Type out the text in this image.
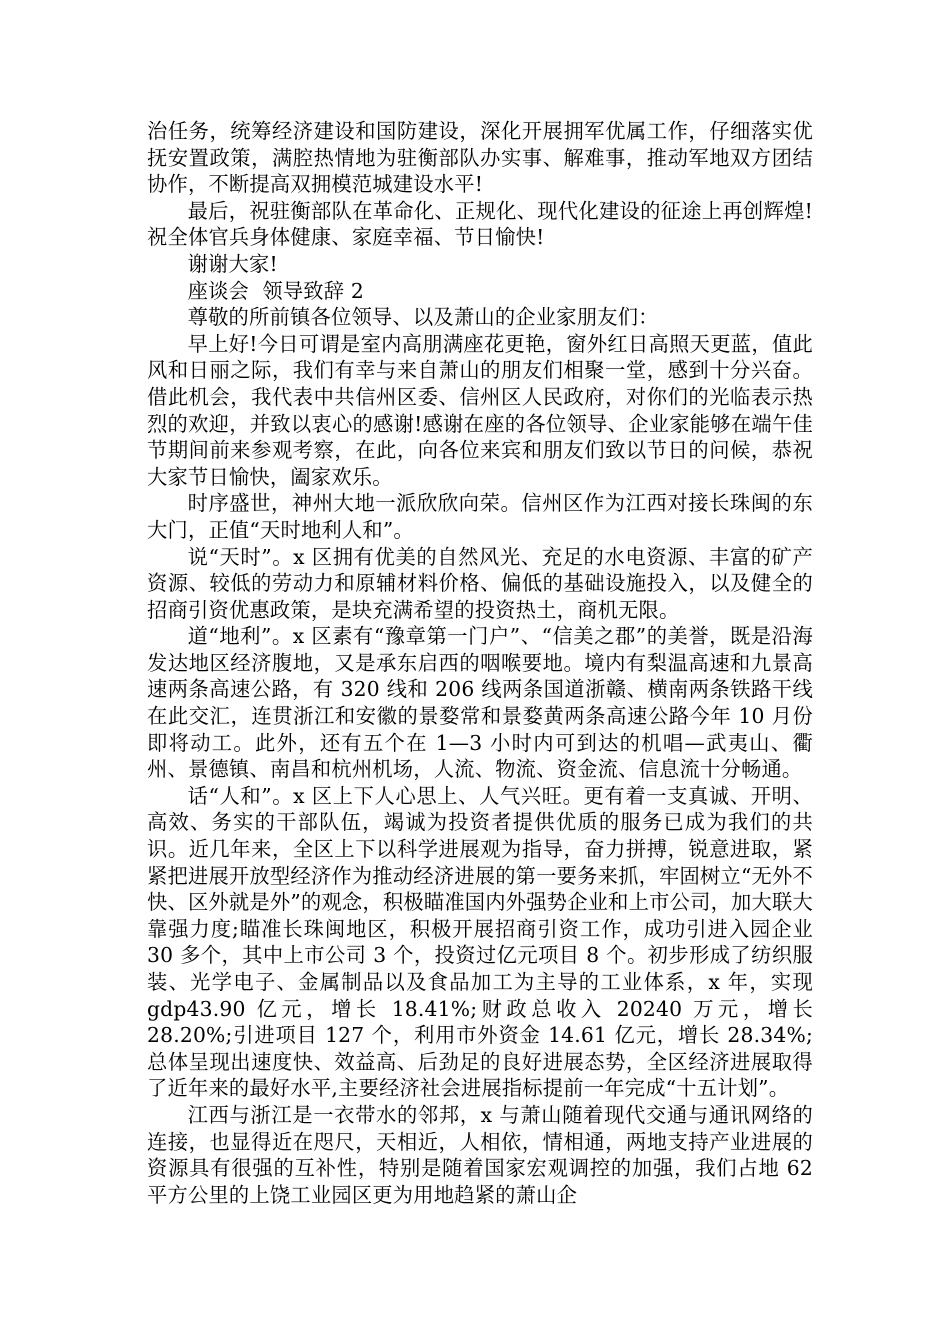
治任务，统筹经济建设和国防建设，深化开展拥军优属工作，仔细落实优抚安置政策，满腔热情地为驻衡部队办实事、解难事，推动军地双方团结协作，不断提高双拥模范城建设水平!

最后，祝驻衡部队在革命化、正规化、现代化建设的征途上再创辉煌!祝全体官兵身体健康、家庭幸福、节日愉快!

谢谢大家!

座谈会  领导致辞 2

尊敬的所前镇各位领导、以及萧山的企业家朋友们：

早上好!今日可谓是室内高朋满座花更艳，窗外红日高照天更蓝，值此风和日丽之际，我们有幸与来自萧山的朋友们相聚一堂，感到十分兴奋。借此机会，我代表中共信州区委、信州区人民政府，对你们的光临表示热烈的欢迎，并致以衷心的感谢!感谢在座的各位领导、企业家能够在端午佳节期间前来参观考察，在此，向各位来宾和朋友们致以节日的问候，恭祝大家节日愉快，阖家欢乐。

时序盛世，神州大地一派欣欣向荣。信州区作为江西对接长珠闽的东大门，正值“天时地利人和”。

说“天时”。x 区拥有优美的自然风光、充足的水电资源、丰富的矿产资源、较低的劳动力和原辅材料价格、偏低的基础设施投入，以及健全的招商引资优惠政策，是块充满希望的投资热土，商机无限。

道“地利”。x 区素有“豫章第一门户”、“信美之郡”的美誉，既是沿海发达地区经济腹地，又是承东启西的咽喉要地。境内有梨温高速和九景高速两条高速公路，有 320 线和 206 线两条国道浙赣、横南两条铁路干线在此交汇，连贯浙江和安徽的景婺常和景婺黄两条高速公路今年 10 月份即将动工。此外，还有五个在 1—3 小时内可到达的机唱—武夷山、衢州、景德镇、南昌和杭州机场，人流、物流、资金流、信息流十分畅通。

话“人和”。x 区上下人心思上、人气兴旺。更有着一支真诚、开明、高效、务实的干部队伍，竭诚为投资者提供优质的服务已成为我们的共识。近几年来，全区上下以科学进展观为指导，奋力拼搏，锐意进取，紧紧把进展开放型经济作为推动经济进展的第一要务来抓，牢固树立“无外不快、区外就是外”的观念，积极瞄准国内外强势企业和上市公司，加大联大靠强力度;瞄准长珠闽地区，积极开展招商引资工作，成功引进入园企业 30 多个，其中上市公司 3 个，投资过亿元项目 8 个。初步形成了纺织服装、光学电子、金属制品以及食品加工为主导的工业体系，x 年，实现 gdp43.90 亿元，增长 18.41%;财政总收入 20240 万元，增长 28.20%;引进项目 127 个，利用市外资金 14.61 亿元，增长 28.34%;总体呈现出速度快、效益高、后劲足的良好进展态势，全区经济进展取得了近年来的最好水平,主要经济社会进展指标提前一年完成“十五计划”。

江西与浙江是一衣带水的邻邦，x 与萧山随着现代交通与通讯网络的连接，也显得近在咫尺，天相近，人相依，情相通，两地支持产业进展的资源具有很强的互补性，特别是随着国家宏观调控的加强，我们占地 62 平方公里的上饶工业园区更为用地趋紧的萧山企
